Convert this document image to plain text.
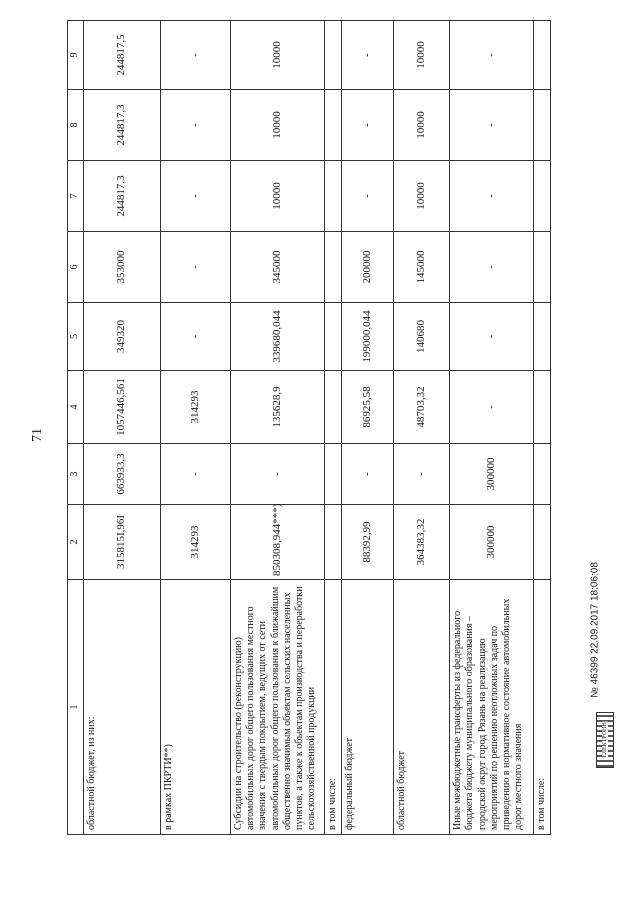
71
1	2	3	4	5	6	7	8	9
областной бюджет, из них:	315815I,96I	663933,3	1057446,561	349320	353000	244817,3	244817,3	244817,5
в рамках ПКРТИ**)	314293	-	314293	-	-	-	-	-
Субсидии на строительство (реконструкцию) автомобильных дорог общего пользования местного значения с твердым покрытием, ведущих от сети автомобильных дорог общего пользования к ближайшим общественно значимым объектам сельских населенных пунктов, а также к объектам производства и переработки сельскохозяйственной продукции	850308,944***)	-	135628,9	339680,044	345000	10000	10000	10000
в том числе:								
федеральный бюджет	88392,99	-	86925,58	199000,044	200000	-	-	-
областной бюджет	364383,32	-	48703,32	140680	145000	10000	10000	10000
Иные межбюджетные трансферты из федерального бюджета бюджету муниципального образования – городской округ город Рязань на реализацию мероприятий по решению неотложных задач по приведению в нормативное состояние автомобильных дорог местного значения	300000	300000	-	-	-	-	-	-
в том числе:								
№ 46399 22.09.2017 18:06:08
ЕЛЕКТРОНН
